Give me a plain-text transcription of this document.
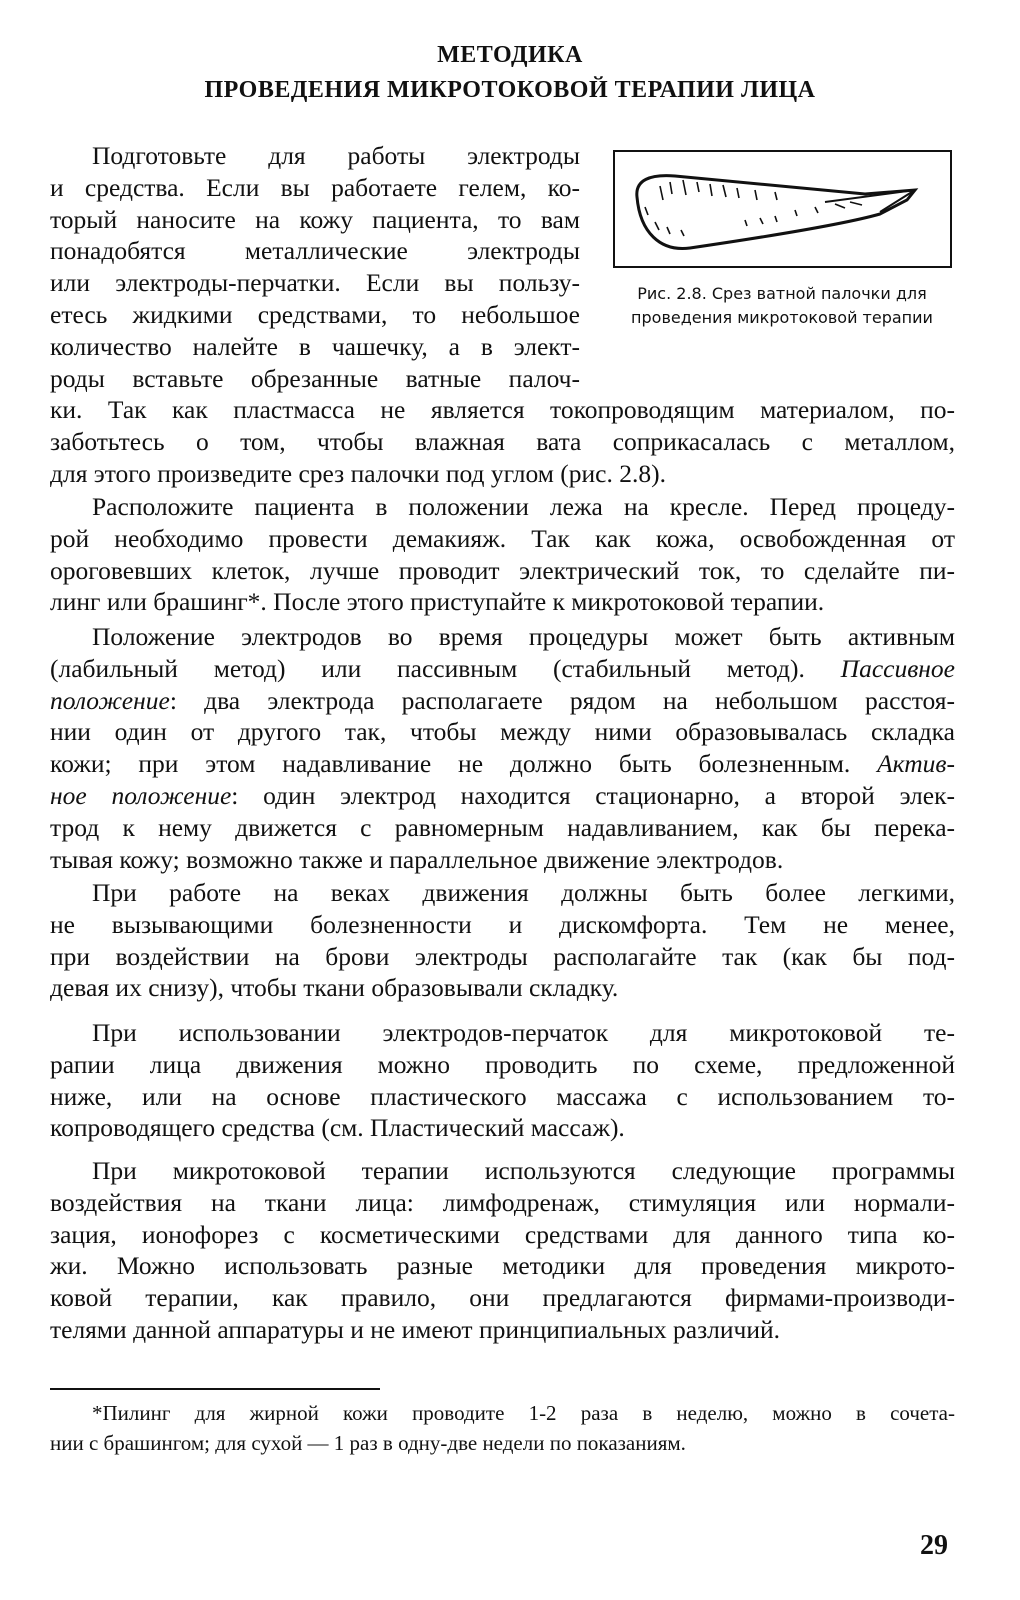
МЕТОДИКА
ПРОВЕДЕНИЯ МИКРОТОКОВОЙ ТЕРАПИИ ЛИЦА
Рис. 2.8. Срез ватной палочки для проведения микротоковой терапии
Подготовьте для работы электроды
и средства. Если вы работаете гелем, ко-
торый наносите на кожу пациента, то вам
понадобятся металлические электроды
или электроды-перчатки. Если вы пользу-
етесь жидкими средствами, то небольшое
количество налейте в чашечку, а в элект-
роды вставьте обрезанные ватные палоч-
ки. Так как пластмасса не является токопроводящим материалом, по-
заботьтесь о том, чтобы влажная вата соприкасалась с металлом,
для этого произведите срез палочки под углом (рис. 2.8).
Расположите пациента в положении лежа на кресле. Перед процеду-
рой необходимо провести демакияж. Так как кожа, освобожденная от
ороговевших клеток, лучше проводит электрический ток, то сделайте пи-
линг или брашинг*. После этого приступайте к микротоковой терапии.
Положение электродов во время процедуры может быть активным
(лабильный метод) или пассивным (стабильный метод). Пассивное
положение: два электрода располагаете рядом на небольшом расстоя-
нии один от другого так, чтобы между ними образовывалась складка
кожи; при этом надавливание не должно быть болезненным. Актив-
ное положение: один электрод находится стационарно, а второй элек-
трод к нему движется с равномерным надавливанием, как бы перека-
тывая кожу; возможно также и параллельное движение электродов.
При работе на веках движения должны быть более легкими,
не вызывающими болезненности и дискомфорта. Тем не менее,
при воздействии на брови электроды располагайте так (как бы под-
девая их снизу), чтобы ткани образовывали складку.
При использовании электродов-перчаток для микротоковой те-
рапии лица движения можно проводить по схеме, предложенной
ниже, или на основе пластического массажа с использованием то-
копроводящего средства (см. Пластический массаж).
При микротоковой терапии используются следующие программы
воздействия на ткани лица: лимфодренаж, стимуляция или нормали-
зация, ионофорез с косметическими средствами для данного типа ко-
жи. Можно использовать разные методики для проведения микрото-
ковой терапии, как правило, они предлагаются фирмами-производи-
телями данной аппаратуры и не имеют принципиальных различий.
*Пилинг для жирной кожи проводите 1-2 раза в неделю, можно в сочета-
нии с брашингом; для сухой — 1 раз в одну-две недели по показаниям.
29
